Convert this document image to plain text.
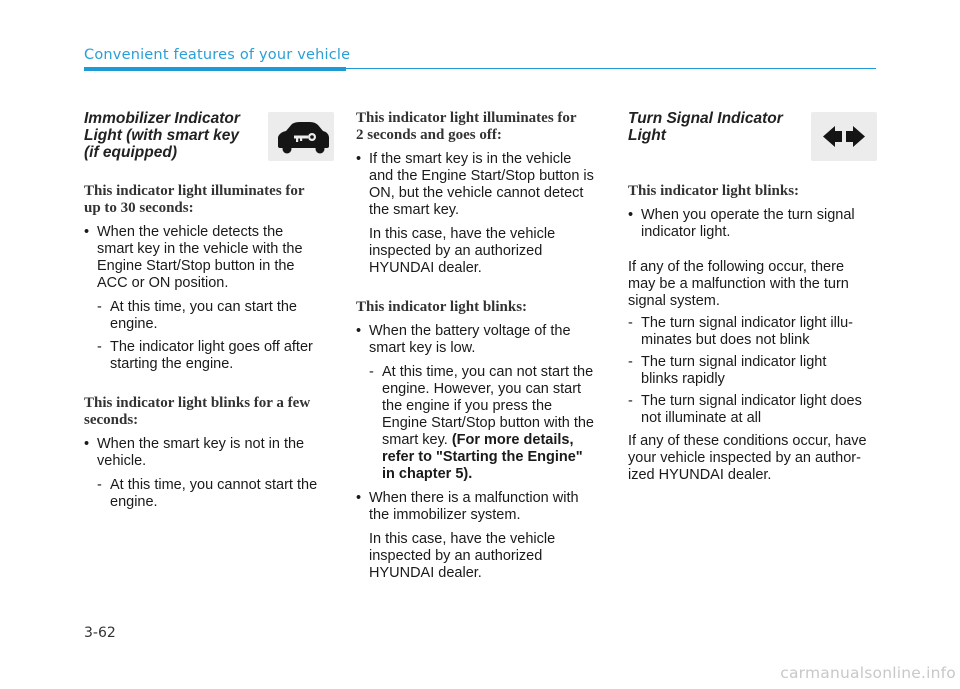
Convenient features of your vehicle
Immobilizer Indicator
Light (with smart key
(if equipped)
This indicator light illuminates for
up to 30 seconds:
• When the vehicle detects the
smart key in the vehicle with the
Engine Start/Stop button in the
ACC or ON position.
- At this time, you can start the
engine.
- The indicator light goes off after
starting the engine.
This indicator light blinks for a few
seconds:
• When the smart key is not in the
vehicle.
- At this time, you cannot start the
engine.
This indicator light illuminates for
2 seconds and goes off:
• If the smart key is in the vehicle
and the Engine Start/Stop button is
ON, but the vehicle cannot detect
the smart key.
In this case, have the vehicle
inspected by an authorized
HYUNDAI dealer.
This indicator light blinks:
• When the battery voltage of the
smart key is low.
- At this time, you can not start the
engine. However, you can start
the engine if you press the
Engine Start/Stop button with the
smart key. (For more details,
refer to "Starting the Engine"
in chapter 5).
• When there is a malfunction with
the immobilizer system.
In this case, have the vehicle
inspected by an authorized
HYUNDAI dealer.
Turn Signal Indicator
Light
This indicator light blinks:
• When you operate the turn signal
indicator light.
If any of the following occur, there
may be a malfunction with the turn
signal system.
- The turn signal indicator light illu-
minates but does not blink
- The turn signal indicator light
blinks rapidly
- The turn signal indicator light does
not illuminate at all
If any of these conditions occur, have
your vehicle inspected by an author-
ized HYUNDAI dealer.
3-62
carmanualsonline.info
